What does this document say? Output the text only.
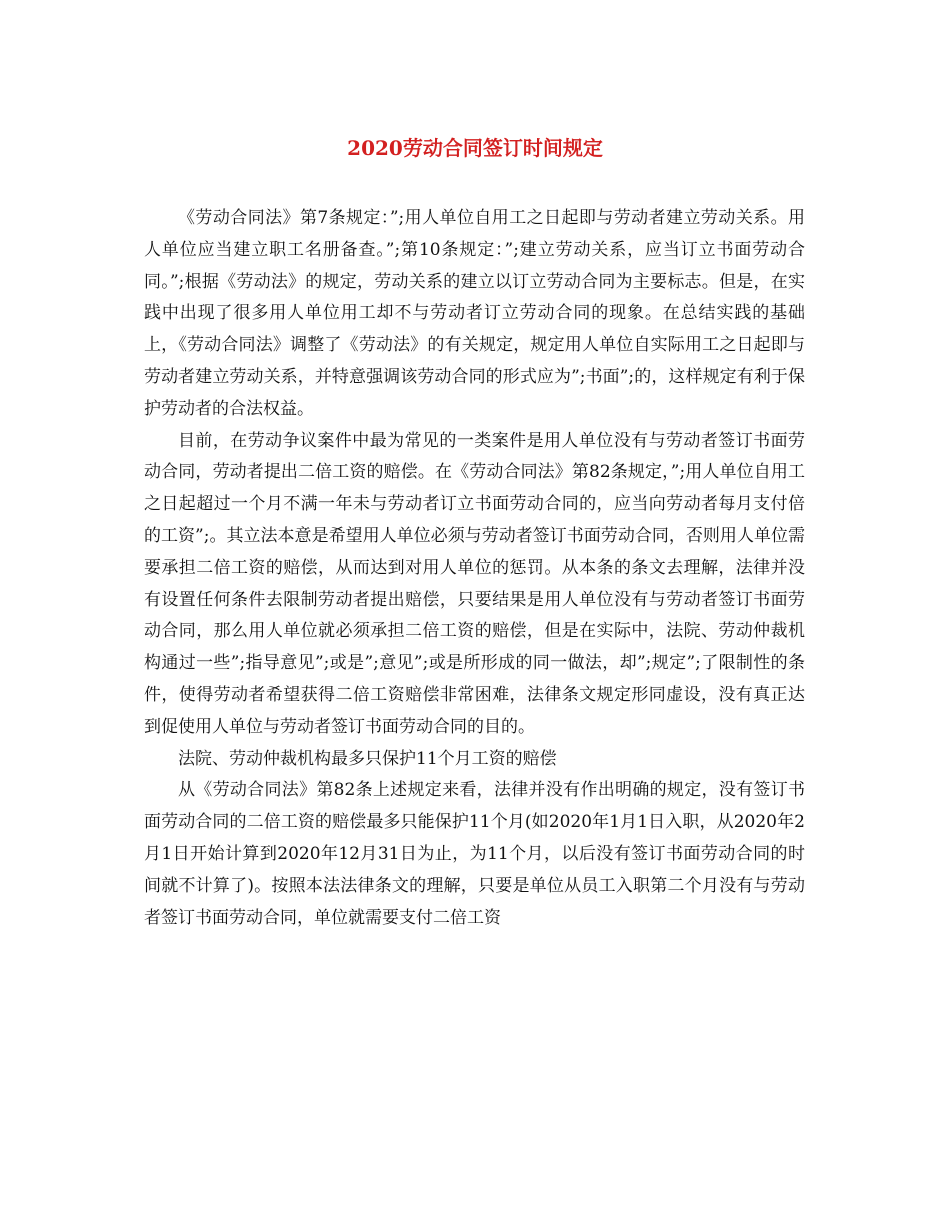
2020劳动合同签订时间规定

《劳动合同法》第7条规定：”;用人单位自用工之日起即与劳动者建立劳动关系。用人单位应当建立职工名册备查。”;第10条规定：”;建立劳动关系，应当订立书面劳动合同。”;根据《劳动法》的规定，劳动关系的建立以订立劳动合同为主要标志。但是，在实践中出现了很多用人单位用工却不与劳动者订立劳动合同的现象。在总结实践的基础上，《劳动合同法》调整了《劳动法》的有关规定，规定用人单位自实际用工之日起即与劳动者建立劳动关系，并特意强调该劳动合同的形式应为”;书面”;的，这样规定有利于保护劳动者的合法权益。

目前，在劳动争议案件中最为常见的一类案件是用人单位没有与劳动者签订书面劳动合同，劳动者提出二倍工资的赔偿。在《劳动合同法》第82条规定，”;用人单位自用工之日起超过一个月不满一年未与劳动者订立书面劳动合同的，应当向劳动者每月支付倍的工资”;。其立法本意是希望用人单位必须与劳动者签订书面劳动合同，否则用人单位需要承担二倍工资的赔偿，从而达到对用人单位的惩罚。从本条的条文去理解，法律并没有设置任何条件去限制劳动者提出赔偿，只要结果是用人单位没有与劳动者签订书面劳动合同，那么用人单位就必须承担二倍工资的赔偿，但是在实际中，法院、劳动仲裁机构通过一些”;指导意见”;或是”;意见”;或是所形成的同一做法，却”;规定”;了限制性的条件，使得劳动者希望获得二倍工资赔偿非常困难，法律条文规定形同虚设，没有真正达到促使用人单位与劳动者签订书面劳动合同的目的。

法院、劳动仲裁机构最多只保护11个月工资的赔偿

从《劳动合同法》第82条上述规定来看，法律并没有作出明确的规定，没有签订书面劳动合同的二倍工资的赔偿最多只能保护11个月(如2020年1月1日入职，从2020年2月1日开始计算到2020年12月31日为止，为11个月，以后没有签订书面劳动合同的时间就不计算了)。按照本法法律条文的理解，只要是单位从员工入职第二个月没有与劳动者签订书面劳动合同，单位就需要支付二倍工资
